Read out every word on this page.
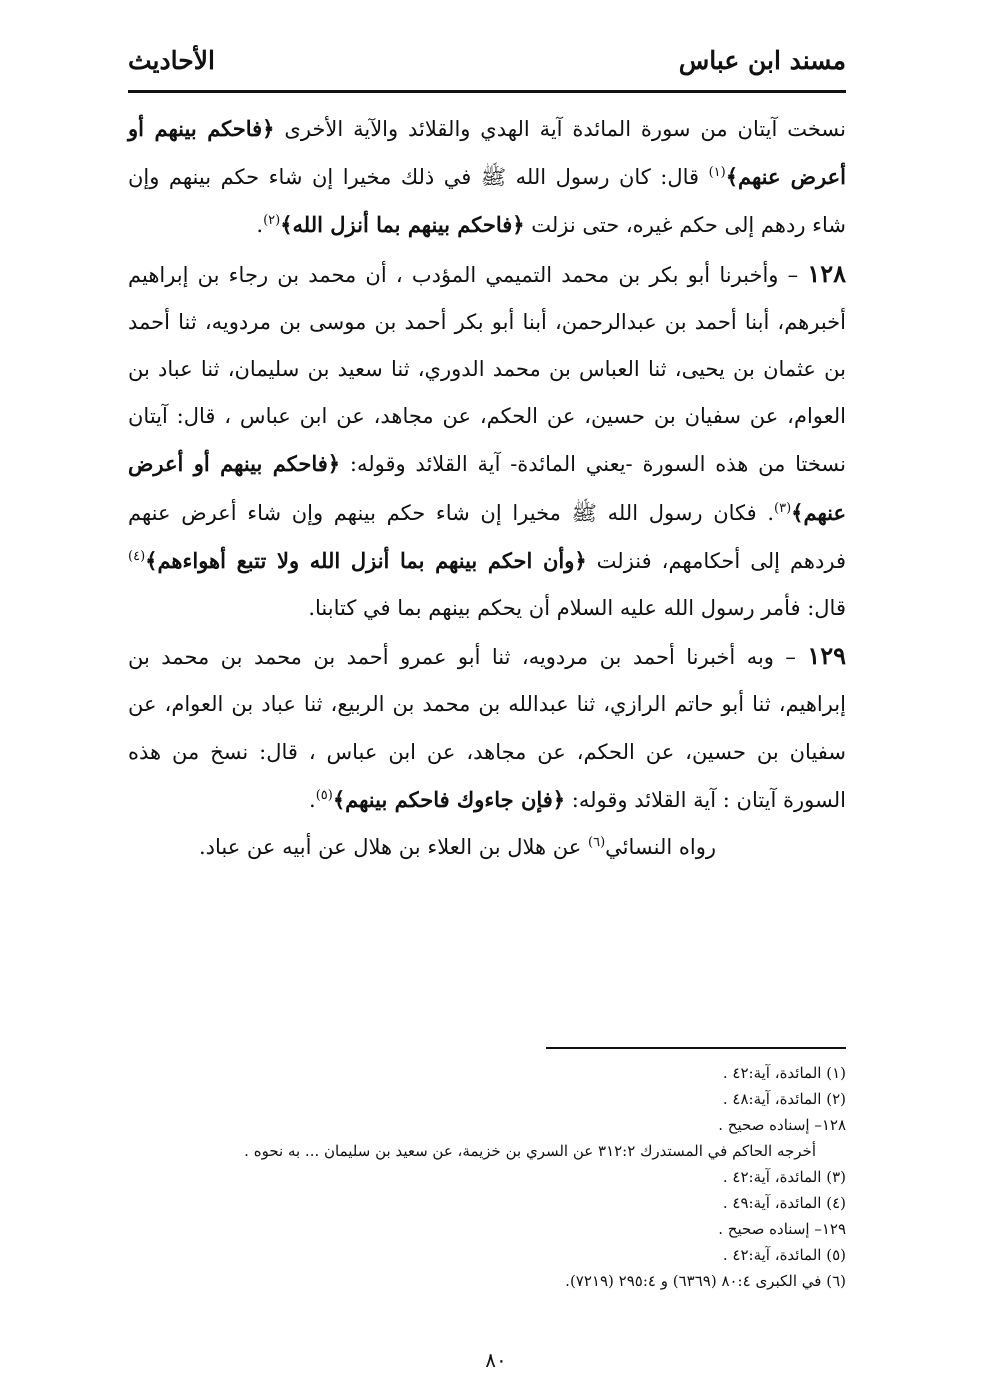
مسند ابن عباس
الأحاديث

نسخت آيتان من سورة المائدة آية الهدي والقلائد والآية الأخرى ﴿فاحكم بينهم أو أعرض عنهم﴾$^{(١)}$ قال: كان رسول الله ﷺ في ذلك مخيرا إن شاء حكم بينهم وإن شاء ردهم إلى حكم غيره، حتى نزلت ﴿فاحكم بينهم بما أنزل الله﴾$^{(٢)}$.

١٢٨ – وأخبرنا أبو بكر بن محمد التميمي المؤدب ، أن محمد بن رجاء بن إبراهيم أخبرهم، أبنا أحمد بن عبدالرحمن، أبنا أبو بكر أحمد بن موسى بن مردويه، ثنا أحمد بن عثمان بن يحيى، ثنا العباس بن محمد الدوري، ثنا سعيد بن سليمان، ثنا عباد بن العوام، عن سفيان بن حسين، عن الحكم، عن مجاهد، عن ابن عباس ، قال: آيتان نسختا من هذه السورة -يعني المائدة- آية القلائد وقوله: ﴿فاحكم بينهم أو أعرض عنهم﴾$^{(٣)}$. فكان رسول الله ﷺ مخيرا إن شاء حكم بينهم وإن شاء أعرض عنهم فردهم إلى أحكامهم، فنزلت ﴿وأن احكم بينهم بما أنزل الله ولا تتبع أهواءهم﴾$^{(٤)}$ قال: فأمر رسول الله عليه السلام أن يحكم بينهم بما في كتابنا.

١٢٩ – وبه أخبرنا أحمد بن مردويه، ثنا أبو عمرو أحمد بن محمد بن محمد بن إبراهيم، ثنا أبو حاتم الرازي، ثنا عبدالله بن محمد بن الربيع، ثنا عباد بن العوام، عن سفيان بن حسين، عن الحكم، عن مجاهد، عن ابن عباس ، قال: نسخ من هذه السورة آيتان : آية القلائد وقوله: ﴿فإن جاءوك فاحكم بينهم﴾$^{(٥)}$.

رواه النسائي$^{(٦)}$ عن هلال بن العلاء بن هلال عن أبيه عن عباد.

(١) المائدة، آية:٤٢ .
(٢) المائدة، آية:٤٨ .
١٢٨– إسناده صحيح .
أخرجه الحاكم في المستدرك ٣١٢:٢ عن السري بن خزيمة، عن سعيد بن سليمان ... به نحوه .
(٣) المائدة، آية:٤٢ .
(٤) المائدة، آية:٤٩ .
١٢٩– إسناده صحيح .
(٥) المائدة، آية:٤٢ .
(٦) في الكبرى ٨٠:٤ (٦٣٦٩) و ٢٩٥:٤ (٧٢١٩).
٨٠
